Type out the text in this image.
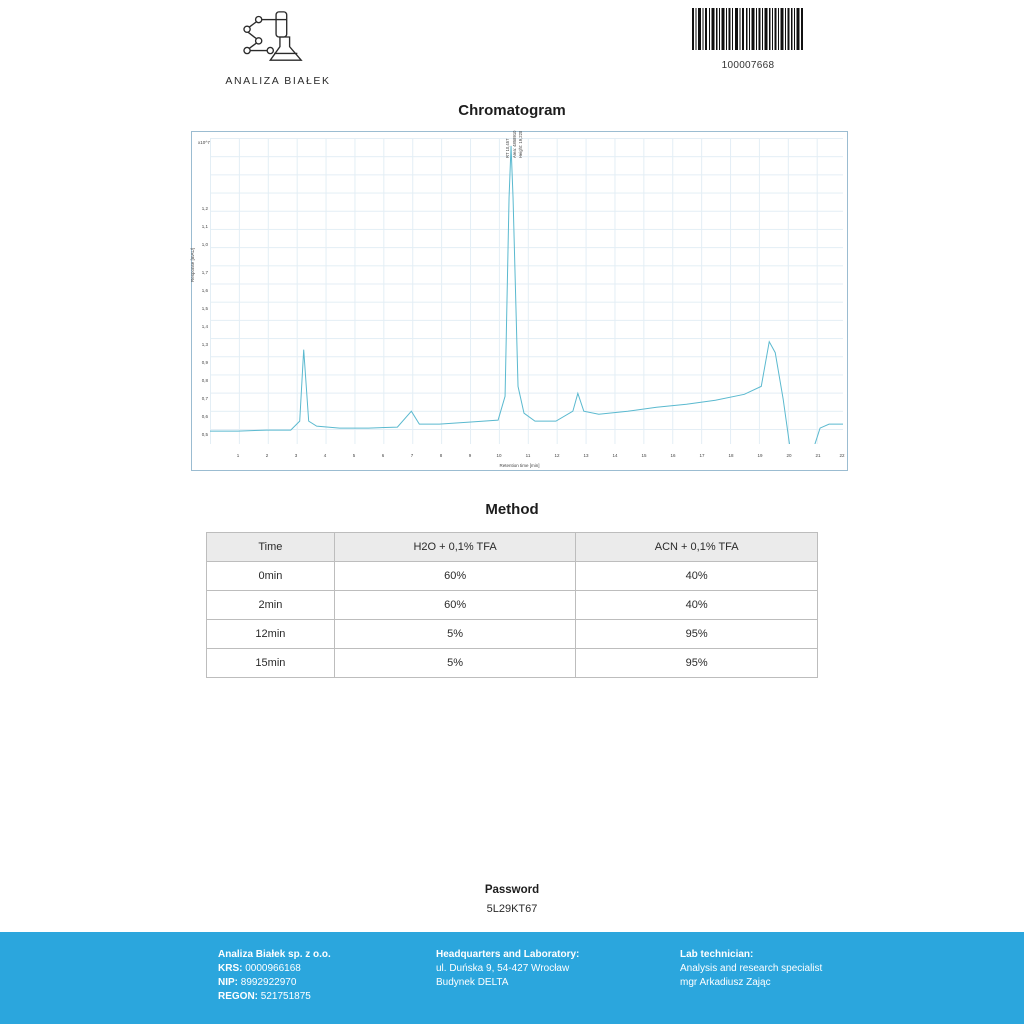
ANALIZA BIAŁEK
100007668
Chromatogram
x10^7
Response [mAU]
RT 10,457 Area: 4858910 Height: 19,220
1,7
1,6
1,5
1,4
1,3
1,2
1,1
1,0
0,9
0,8
0,7
0,6
0,5
1	2	3	4	5	6	7	8	9	10	11	12	13	14	15	16	17	18	19	20	21	22
Retention time [min]
Method
Time	H2O + 0,1% TFA	ACN + 0,1% TFA
0min	60%	40%
2min	60%	40%
12min	5%	95%
15min	5%	95%
Password
5L29KT67
Analiza Białek sp. z o.o.
KRS: 0000966168
NIP: 8992922970
REGON: 521751875
Headquarters and Laboratory:
ul. Duńska 9, 54-427 Wrocław
Budynek DELTA
Lab technician:
Analysis and research specialist
mgr Arkadiusz Zając
